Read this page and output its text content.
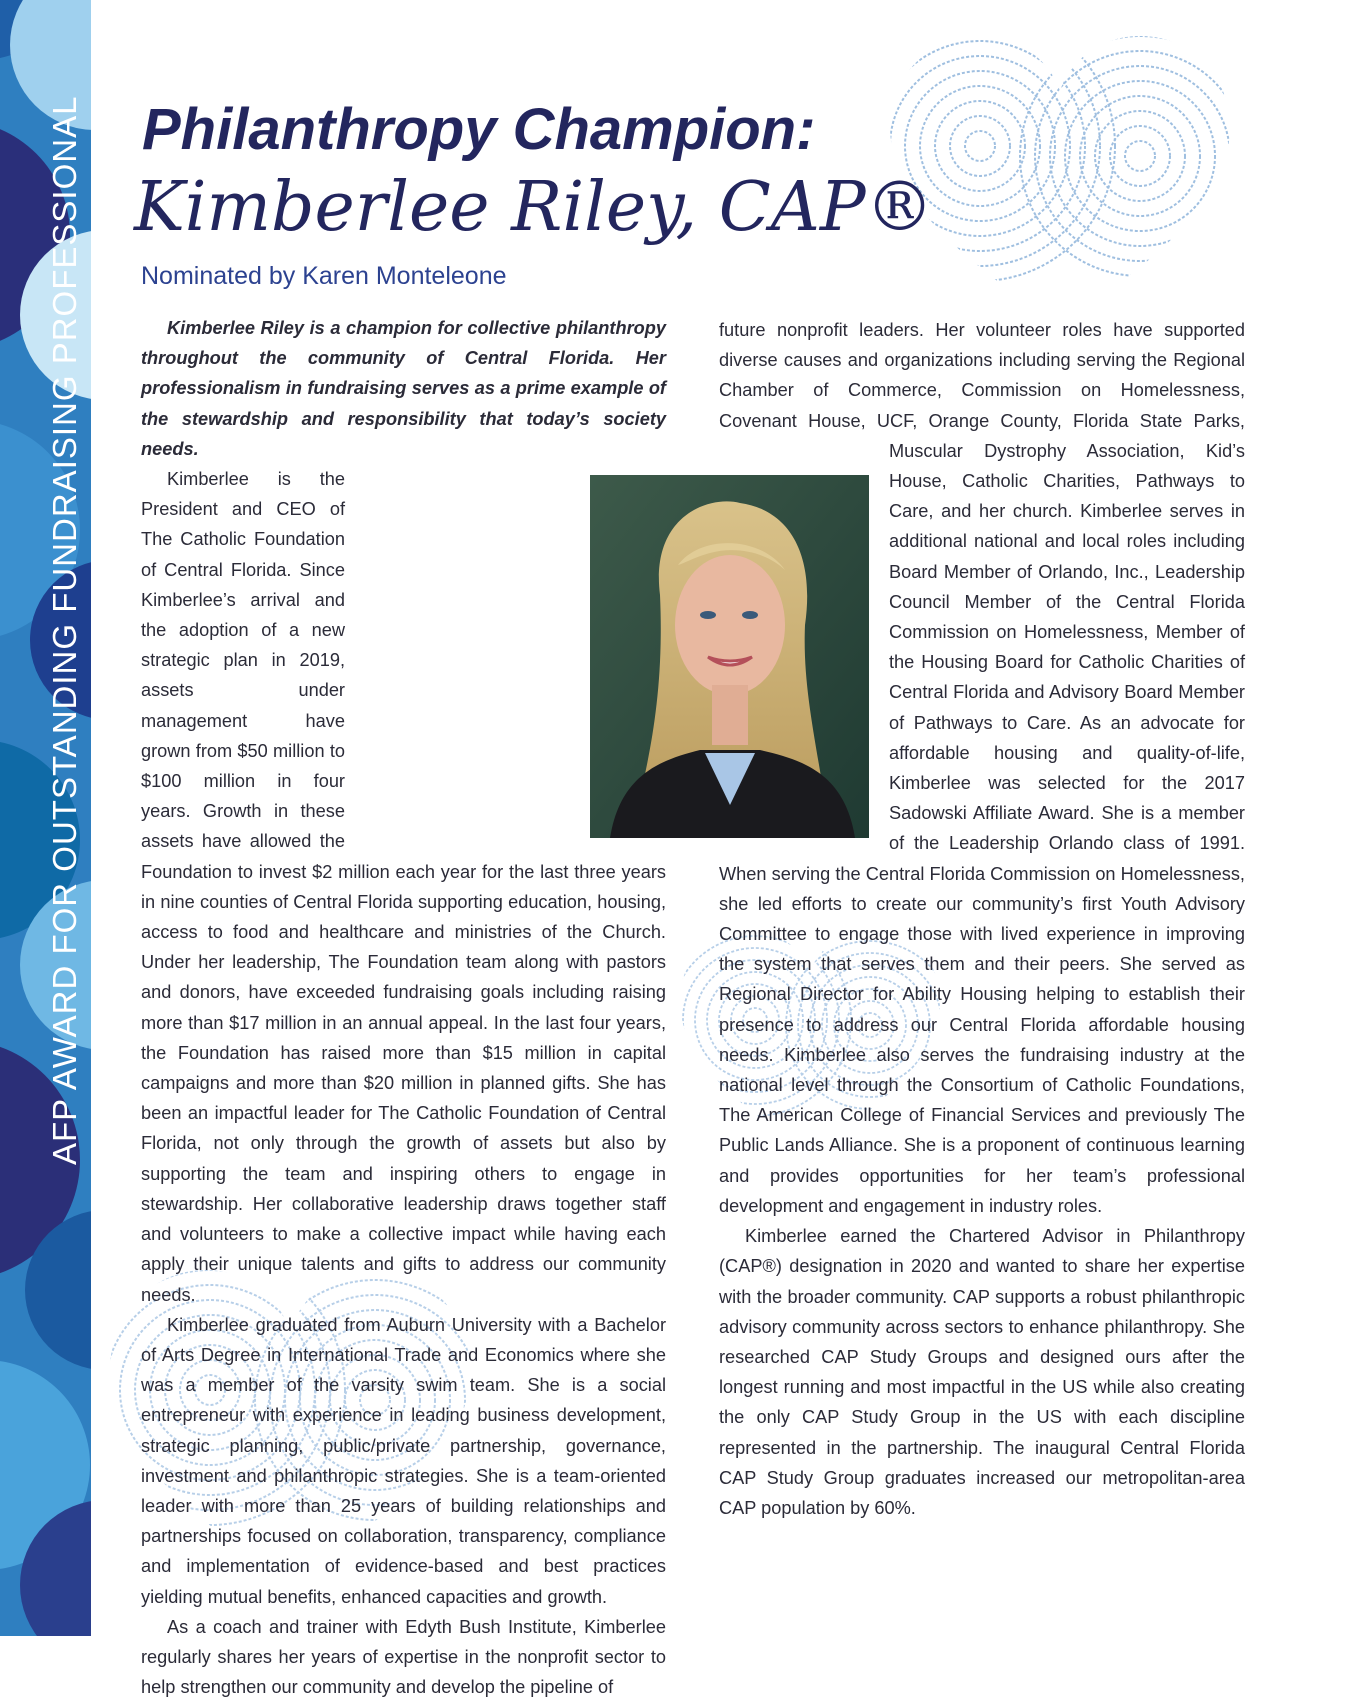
AFP AWARD FOR OUTSTANDING FUNDRAISING PROFESSIONAL Philanthropy Champion:
Kimberlee Riley, CAP®
Nominated by Karen Monteleone

Kimberlee Riley is a champion for collective philanthropy throughout the community of Central Florida. Her professionalism in fundraising serves as a prime example of the stewardship and responsibility that today’s society needs.

Kimberlee is the President and CEO of The Catholic Foundation of Central Florida. Since Kimberlee’s arrival and the adoption of a new strategic plan in 2019, assets under management have grown from $50 million to $100 million in four years. Growth in these assets have allowed the Foundation to invest $2 million each year for the last three years in nine counties of Central Florida supporting education, housing, access to food and healthcare and ministries of the Church. Under her leadership, The Foundation team along with pastors and donors, have exceeded fundraising goals including raising more than $17 million in an annual appeal. In the last four years, the Foundation has raised more than $15 million in capital campaigns and more than $20 million in planned gifts. She has been an impactful leader for The Catholic Foundation of Central Florida, not only through the growth of assets but also by supporting the team and inspiring others to engage in stewardship. Her collaborative leadership draws together staff and volunteers to make a collective impact while having each apply their unique talents and gifts to address our community needs.

Kimberlee graduated from Auburn University with a Bachelor of Arts Degree in International Trade and Economics where she was a member of the varsity swim team. She is a social entrepreneur with experience in leading business development, strategic planning, public/private partnership, governance, investment and philanthropic strategies. She is a team-oriented leader with more than 25 years of building relationships and partnerships focused on collaboration, transparency, compliance and implementation of evidence-based and best practices yielding mutual benefits, enhanced capacities and growth.

As a coach and trainer with Edyth Bush Institute, Kimberlee regularly shares her years of expertise in the nonprofit sector to help strengthen our community and develop the pipeline of

future nonprofit leaders. Her volunteer roles have supported diverse causes and organizations including serving the Regional Chamber of Commerce, Commission on Homelessness, Covenant House, UCF, Orange County, Florida State Parks, Muscular Dystrophy Association, Kid’s House, Catholic Charities, Pathways to Care, and her church. Kimberlee serves in additional national and local roles including Board Member of Orlando, Inc., Leadership Council Member of the Central Florida Commission on Homelessness, Member of the Housing Board for Catholic Charities of Central Florida and Advisory Board Member of Pathways to Care. As an advocate for affordable housing and quality-of-life, Kimberlee was selected for the 2017 Sadowski Affiliate Award. She is a member of the Leadership Orlando class of 1991. When serving the Central Florida Commission on Homelessness, she led efforts to create our community’s first Youth Advisory Committee to engage those with lived experience in improving the system that serves them and their peers. She served as Regional Director for Ability Housing helping to establish their presence to address our Central Florida affordable housing needs. Kimberlee also serves the fundraising industry at the national level through the Consortium of Catholic Foundations, The American College of Financial Services and previously The Public Lands Alliance. She is a proponent of continuous learning and provides opportunities for her team’s professional development and engagement in industry roles.

Kimberlee earned the Chartered Advisor in Philanthropy (CAP®) designation in 2020 and wanted to share her expertise with the broader community. CAP supports a robust philanthropic advisory community across sectors to enhance philanthropy. She researched CAP Study Groups and designed ours after the longest running and most impactful in the US while also creating the only CAP Study Group in the US with each discipline represented in the partnership. The inaugural Central Florida CAP Study Group graduates increased our metropolitan-area CAP population by 60%.
